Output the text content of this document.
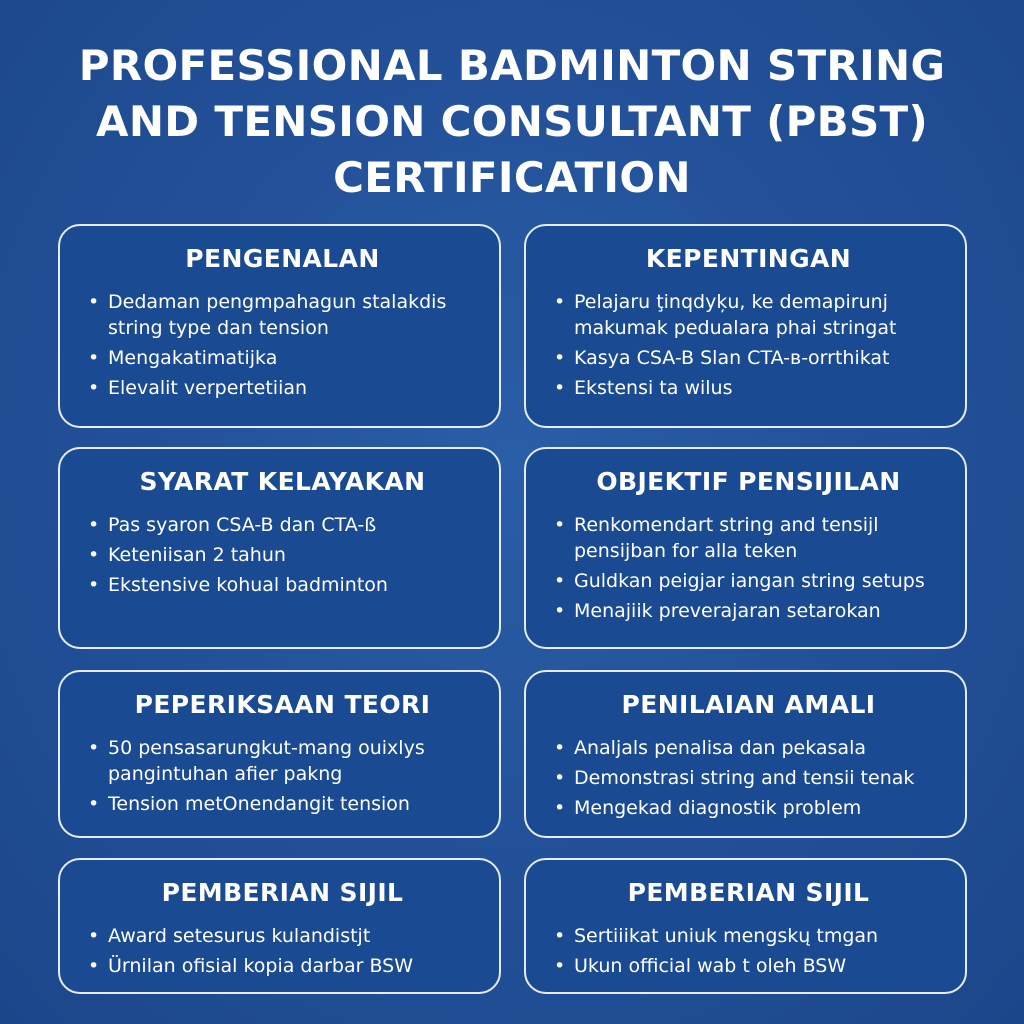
PROFESSIONAL BADMINTON STRING
AND TENSION CONSULTANT (PBST)
CERTIFICATION
PENGENALAN
• Dedaman pengmpahagun stalakdis string type dan tension
• Mengakatimatijka
• Elevalit verpertetiian
KEPENTINGAN
• Pelajaru ţinqdyķu, ke demapirunj makumak pedualara phai stringat
• Kasya CSA-B Slan CTA-в-orrthikat
• Ekstensi ta wilus
SYARAT KELAYAKAN
• Pas syaron CSA-B dan CTA-ß
• Keteniisan 2 tahun
• Ekstensive kohual badminton
OBJEKTIF PENSIJILAN
• Renkomendart string and tensijl pensijban for alla teken
• Guldkan peigjar iangan string setups
• Menajiik preverajaran setarokan
PEPERIKSAAN TEORI
• 50 pensasarungkut-mang ouixlys pangintuhan afier pakng
• Tension metOnendangit tension
PENILAIAN AMALI
• Analjals penalisa dan pekasala
• Demonstrasi string and tensii tenak
• Mengekad diagnostik problem
PEMBERIAN SIJIL
• Award setesurus kulandistjt
• Ürnilan ofisial kopia darbar BSW
PEMBERIAN SIJIL
• Sertiiikat uniuk mengskų tmgan
• Ukun official wab t oleh BSW
